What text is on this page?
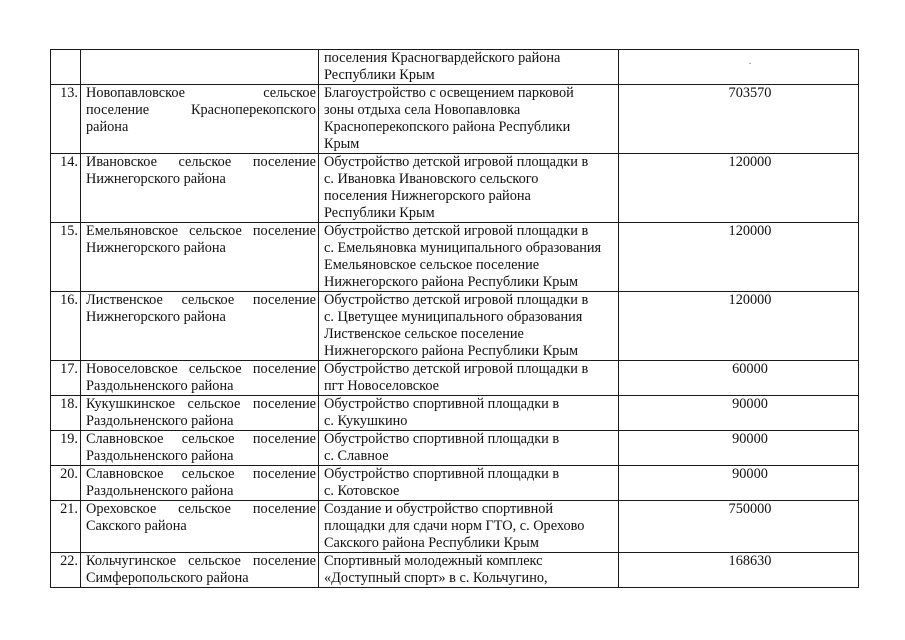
		поселения Красногвардейского района
Республики Крым	·
13.	Новопавловское сельское
поселение Красноперекопского
района	Благоустройство с освещением парковой
зоны отдыха села Новопавловка
Красноперекопского района Республики
Крым	703570
14.	Ивановское сельское поселение
Нижнегорского района	Обустройство детской игровой площадки в
с. Ивановка Ивановского сельского
поселения Нижнегорского района
Республики Крым	120000
15.	Емельяновское сельское поселение
Нижнегорского района	Обустройство детской игровой площадки в
с. Емельяновка муниципального образования
Емельяновское сельское поселение
Нижнегорского района Республики Крым	120000
16.	Лиственское сельское поселение
Нижнегорского района	Обустройство детской игровой площадки в
с. Цветущее муниципального образования
Лиственское сельское поселение
Нижнегорского района Республики Крым	120000
17.	Новоселовское сельское поселение
Раздольненского района	Обустройство детской игровой площадки в
пгт Новоселовское	60000
18.	Кукушкинское сельское поселение
Раздольненского района	Обустройство спортивной площадки в
с. Кукушкино	90000
19.	Славновское сельское поселение
Раздольненского района	Обустройство спортивной площадки в
с. Славное	90000
20.	Славновское сельское поселение
Раздольненского района	Обустройство спортивной площадки в
с. Котовское	90000
21.	Ореховское сельское поселение
Сакского района	Создание и обустройство спортивной
площадки для сдачи норм ГТО, с. Орехово
Сакского района Республики Крым	750000
22.	Кольчугинское сельское поселение
Симферопольского района	Спортивный молодежный комплекс
«Доступный спорт» в с. Кольчугино,	168630
